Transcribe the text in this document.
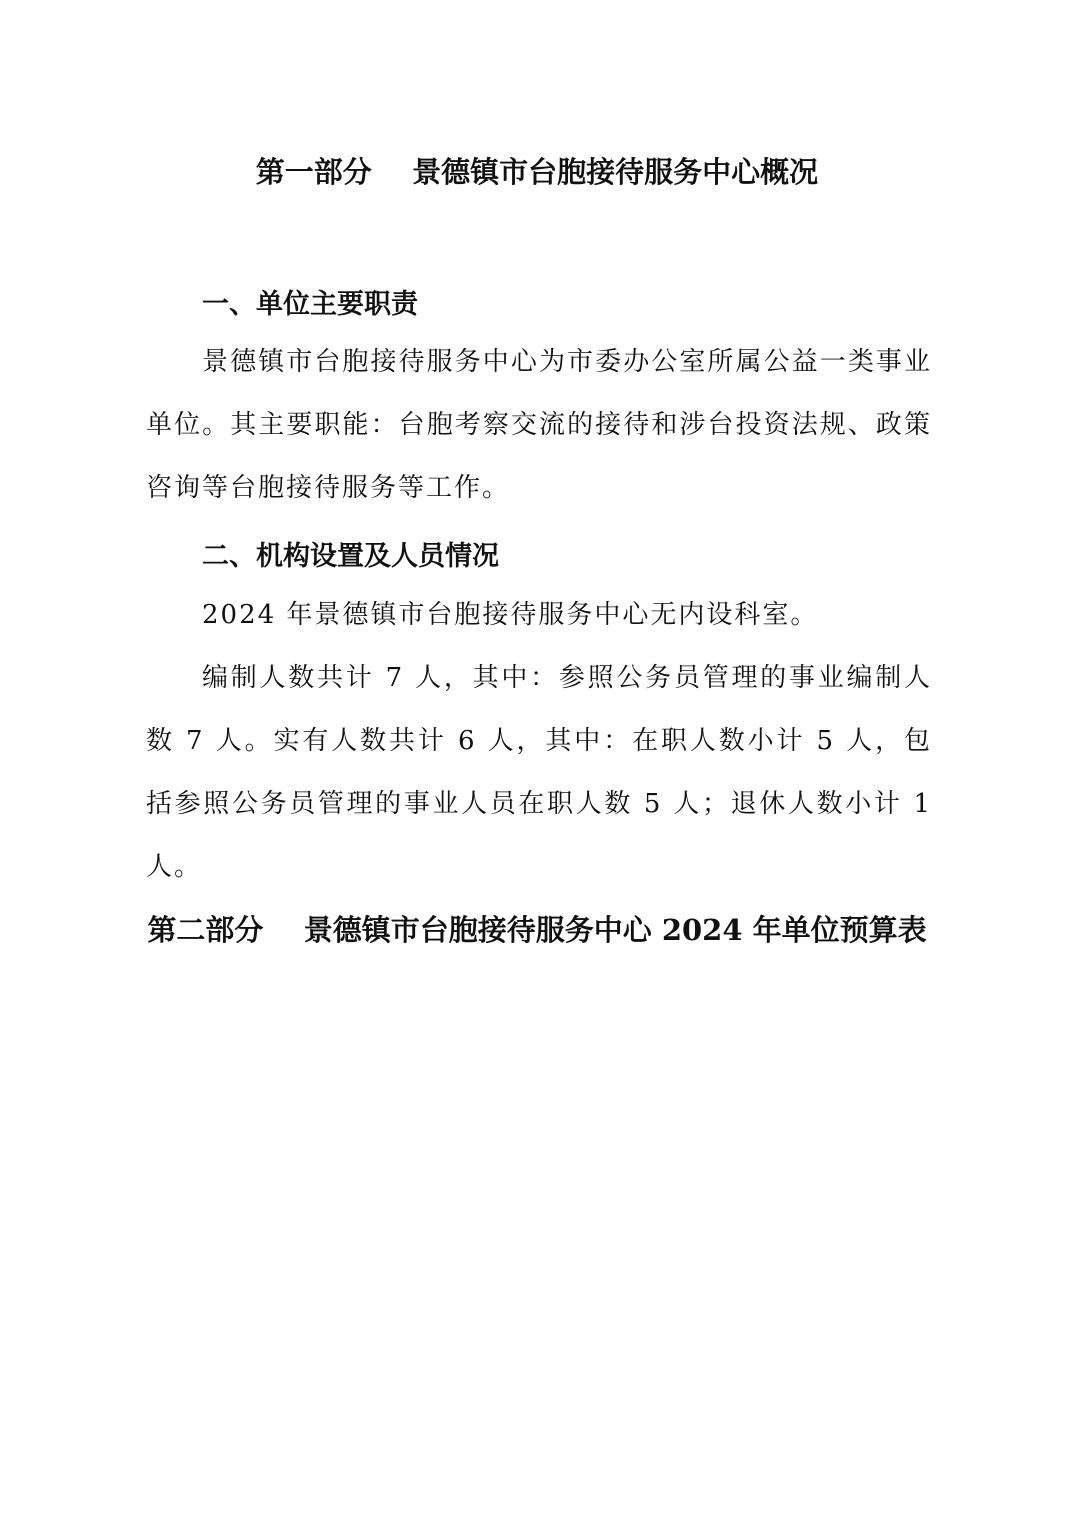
第一部分    景德镇市台胞接待服务中心概况
一、单位主要职责
景德镇市台胞接待服务中心为市委办公室所属公益一类事业单位。其主要职能：台胞考察交流的接待和涉台投资法规、政策咨询等台胞接待服务等工作。
二、机构设置及人员情况
2024 年景德镇市台胞接待服务中心无内设科室。
编制人数共计 7 人，其中：参照公务员管理的事业编制人数 7 人。实有人数共计 6 人，其中：在职人数小计 5 人，包括参照公务员管理的事业人员在职人数 5 人；退休人数小计 1 人。
第二部分    景德镇市台胞接待服务中心 2024 年单位预算表
